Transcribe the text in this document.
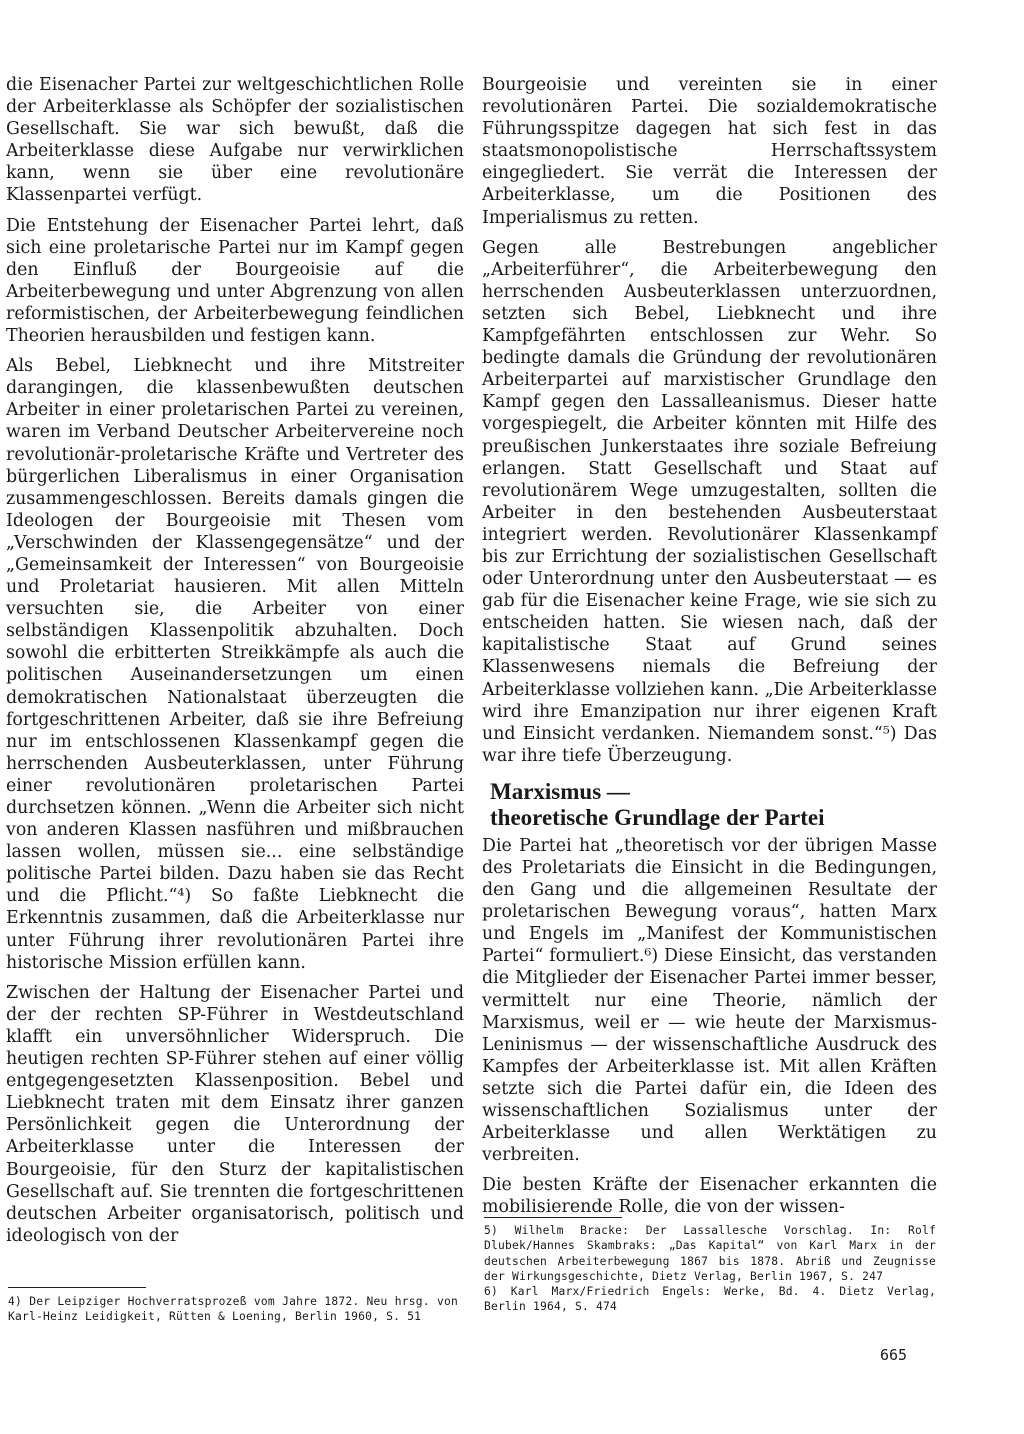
die Eisenacher Partei zur weltgeschichtlichen Rolle der Arbeiterklasse als Schöpfer der sozialistischen Gesellschaft. Sie war sich bewußt, daß die Arbeiterklasse diese Aufgabe nur verwirklichen kann, wenn sie über eine revolutionäre Klassenpartei verfügt.

Die Entstehung der Eisenacher Partei lehrt, daß sich eine proletarische Partei nur im Kampf gegen den Einfluß der Bourgeoisie auf die Arbeiterbewegung und unter Abgrenzung von allen reformistischen, der Arbeiterbewegung feindlichen Theorien herausbilden und festigen kann.

Als Bebel, Liebknecht und ihre Mitstreiter darangingen, die klassenbewußten deutschen Arbeiter in einer proletarischen Partei zu vereinen, waren im Verband Deutscher Arbeitervereine noch revolutionär-proletarische Kräfte und Vertreter des bürgerlichen Liberalismus in einer Organisation zusammengeschlossen. Bereits damals gingen die Ideologen der Bourgeoisie mit Thesen vom „Verschwinden der Klassengegensätze“ und der „Gemeinsamkeit der Interessen“ von Bourgeoisie und Proletariat hausieren. Mit allen Mitteln versuchten sie, die Arbeiter von einer selbständigen Klassenpolitik abzuhalten. Doch sowohl die erbitterten Streikkämpfe als auch die politischen Auseinandersetzungen um einen demokratischen Nationalstaat überzeugten die fortgeschrittenen Arbeiter, daß sie ihre Befreiung nur im entschlossenen Klassenkampf gegen die herrschenden Ausbeuterklassen, unter Führung einer revolutionären proletarischen Partei durchsetzen können. „Wenn die Arbeiter sich nicht von anderen Klassen nasführen und mißbrauchen lassen wollen, müssen sie... eine selbständige politische Partei bilden. Dazu haben sie das Recht und die Pflicht.“⁴) So faßte Liebknecht die Erkenntnis zusammen, daß die Arbeiterklasse nur unter Führung ihrer revolutionären Partei ihre historische Mission erfüllen kann.

Zwischen der Haltung der Eisenacher Partei und der der rechten SP-Führer in Westdeutschland klafft ein unversöhnlicher Widerspruch. Die heutigen rechten SP-Führer stehen auf einer völlig entgegengesetzten Klassenposition. Bebel und Liebknecht traten mit dem Einsatz ihrer ganzen Persönlichkeit gegen die Unterordnung der Arbeiterklasse unter die Interessen der Bourgeoisie, für den Sturz der kapitalistischen Gesellschaft auf. Sie trennten die fortgeschrittenen deutschen Arbeiter organisatorisch, politisch und ideologisch von der

4) Der Leipziger Hochverratsprozeß vom Jahre 1872. Neu hrsg. von Karl-Heinz Leidigkeit, Rütten & Loening, Berlin 1960, S. 51

Bourgeoisie und vereinten sie in einer revolutionären Partei. Die sozialdemokratische Führungsspitze dagegen hat sich fest in das staatsmonopolistische Herrschaftssystem eingegliedert. Sie verrät die Interessen der Arbeiterklasse, um die Positionen des Imperialismus zu retten.

Gegen alle Bestrebungen angeblicher „Arbeiterführer“, die Arbeiterbewegung den herrschenden Ausbeuterklassen unterzuordnen, setzten sich Bebel, Liebknecht und ihre Kampfgefährten entschlossen zur Wehr. So bedingte damals die Gründung der revolutionären Arbeiterpartei auf marxistischer Grundlage den Kampf gegen den Lassalleanismus. Dieser hatte vorgespiegelt, die Arbeiter könnten mit Hilfe des preußischen Junkerstaates ihre soziale Befreiung erlangen. Statt Gesellschaft und Staat auf revolutionärem Wege umzugestalten, sollten die Arbeiter in den bestehenden Ausbeuterstaat integriert werden. Revolutionärer Klassenkampf bis zur Errichtung der sozialistischen Gesellschaft oder Unterordnung unter den Ausbeuterstaat — es gab für die Eisenacher keine Frage, wie sie sich zu entscheiden hatten. Sie wiesen nach, daß der kapitalistische Staat auf Grund seines Klassenwesens niemals die Befreiung der Arbeiterklasse vollziehen kann. „Die Arbeiterklasse wird ihre Emanzipation nur ihrer eigenen Kraft und Einsicht verdanken. Niemandem sonst.“⁵) Das war ihre tiefe Überzeugung.

Marxismus —
theoretische Grundlage der Partei

Die Partei hat „theoretisch vor der übrigen Masse des Proletariats die Einsicht in die Bedingungen, den Gang und die allgemeinen Resultate der proletarischen Bewegung voraus“, hatten Marx und Engels im „Manifest der Kommunistischen Partei“ formuliert.⁶) Diese Einsicht, das verstanden die Mitglieder der Eisenacher Partei immer besser, vermittelt nur eine Theorie, nämlich der Marxismus, weil er — wie heute der Marxismus-Leninismus — der wissenschaftliche Ausdruck des Kampfes der Arbeiterklasse ist. Mit allen Kräften setzte sich die Partei dafür ein, die Ideen des wissenschaftlichen Sozialismus unter der Arbeiterklasse und allen Werktätigen zu verbreiten.

Die besten Kräfte der Eisenacher erkannten die mobilisierende Rolle, die von der wissen-

5) Wilhelm Bracke: Der Lassallesche Vorschlag. In: Rolf Dlubek/Hannes Skambraks: „Das Kapital“ von Karl Marx in der deutschen Arbeiterbewegung 1867 bis 1878. Abriß und Zeugnisse der Wirkungsgeschichte, Dietz Verlag, Berlin 1967, S. 247

6) Karl Marx/Friedrich Engels: Werke, Bd. 4. Dietz Verlag, Berlin 1964, S. 474

665
